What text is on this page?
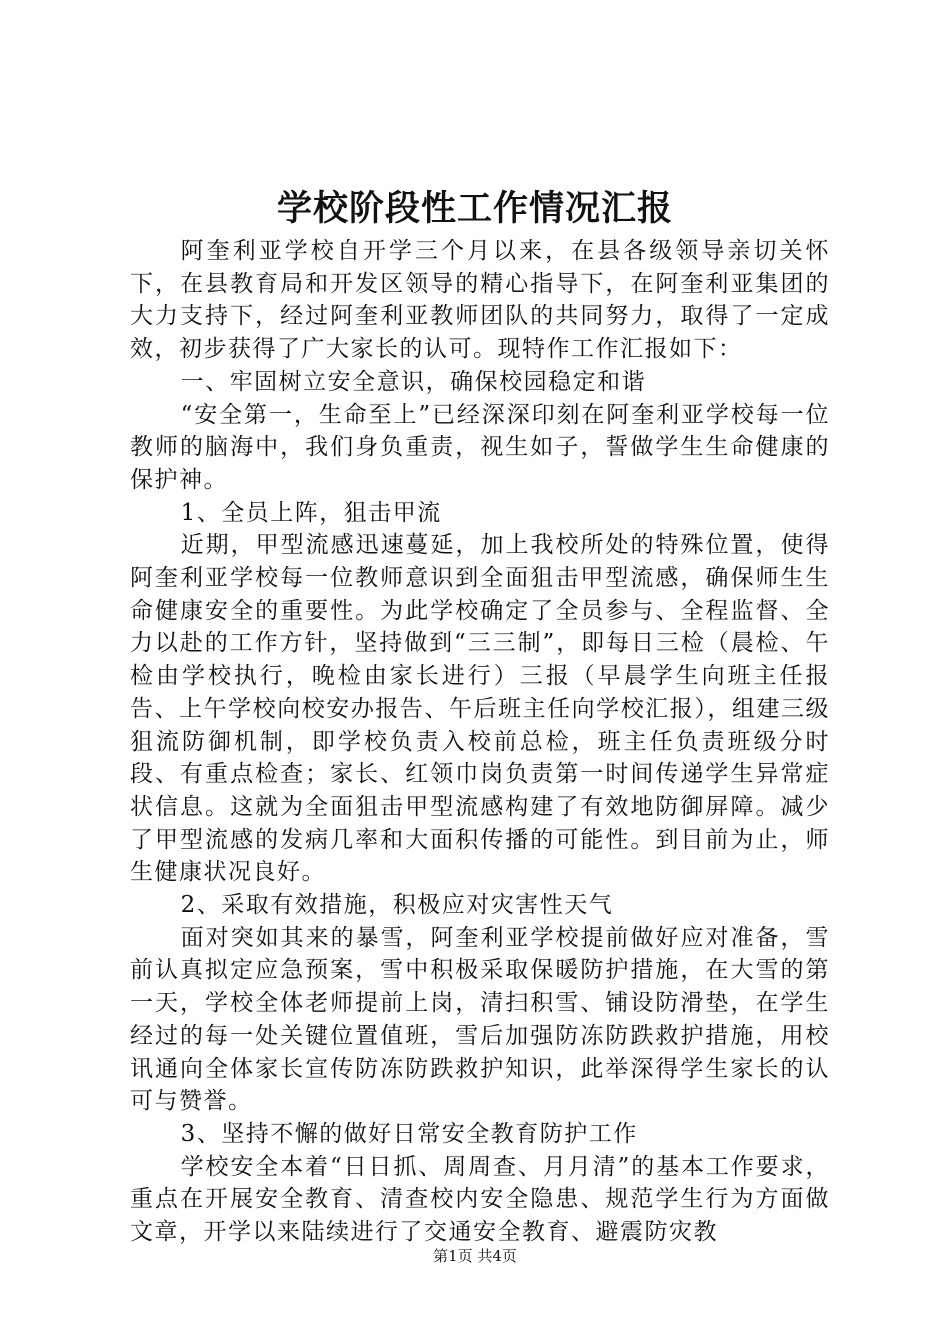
学校阶段性工作情况汇报

阿奎利亚学校自开学三个月以来，在县各级领导亲切关怀下，在县教育局和开发区领导的精心指导下，在阿奎利亚集团的大力支持下，经过阿奎利亚教师团队的共同努力，取得了一定成效，初步获得了广大家长的认可。现特作工作汇报如下：

一、牢固树立安全意识，确保校园稳定和谐

“安全第一，生命至上”已经深深印刻在阿奎利亚学校每一位教师的脑海中，我们身负重责，视生如子，誓做学生生命健康的保护神。

1、全员上阵，狙击甲流

近期，甲型流感迅速蔓延，加上我校所处的特殊位置，使得阿奎利亚学校每一位教师意识到全面狙击甲型流感，确保师生生命健康安全的重要性。为此学校确定了全员参与、全程监督、全力以赴的工作方针，坚持做到“三三制”，即每日三检（晨检、午检由学校执行，晚检由家长进行）三报（早晨学生向班主任报告、上午学校向校安办报告、午后班主任向学校汇报），组建三级狙流防御机制，即学校负责入校前总检，班主任负责班级分时段、有重点检查；家长、红领巾岗负责第一时间传递学生异常症状信息。这就为全面狙击甲型流感构建了有效地防御屏障。减少了甲型流感的发病几率和大面积传播的可能性。到目前为止，师生健康状况良好。

2、采取有效措施，积极应对灾害性天气

面对突如其来的暴雪，阿奎利亚学校提前做好应对准备，雪前认真拟定应急预案，雪中积极采取保暖防护措施，在大雪的第一天，学校全体老师提前上岗，清扫积雪、铺设防滑垫，在学生经过的每一处关键位置值班，雪后加强防冻防跌救护措施，用校讯通向全体家长宣传防冻防跌救护知识，此举深得学生家长的认可与赞誉。

3、坚持不懈的做好日常安全教育防护工作

学校安全本着“日日抓、周周查、月月清”的基本工作要求，重点在开展安全教育、清查校内安全隐患、规范学生行为方面做文章，开学以来陆续进行了交通安全教育、避震防灾教

第1页 共4页
